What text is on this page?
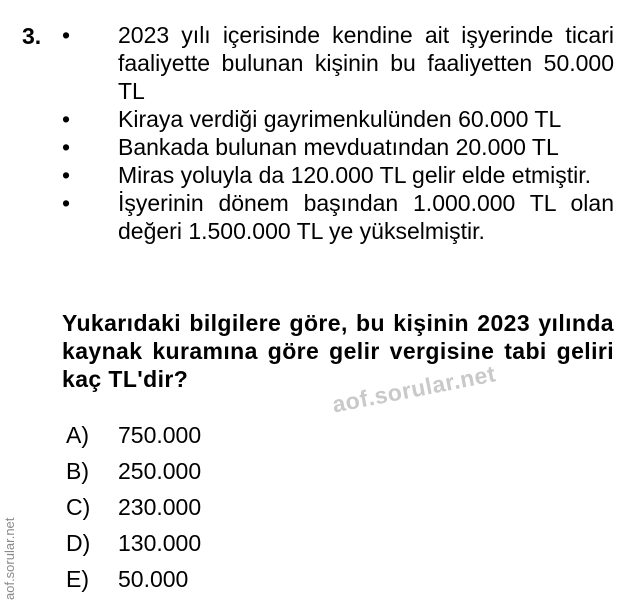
3. •	2023 yılı içerisinde kendine ait işyerinde ticari faaliyette bulunan kişinin bu faaliyetten 50.000 TL
•	Kiraya verdiği gayrimenkulünden 60.000 TL
•	Bankada bulunan mevduatından 20.000 TL
•	Miras yoluyla da 120.000 TL gelir elde etmiştir.
•	İşyerinin dönem başından 1.000.000 TL olan değeri 1.500.000 TL ye yükselmiştir.
Yukarıdaki bilgilere göre, bu kişinin 2023 yılında kaynak kuramına göre gelir vergisine tabi geliri kaç TL'dir?	aof.sorular.net
A)	750.000
B)	250.000
C)	230.000
D)	130.000
E)	50.000
aof.sorular.net
